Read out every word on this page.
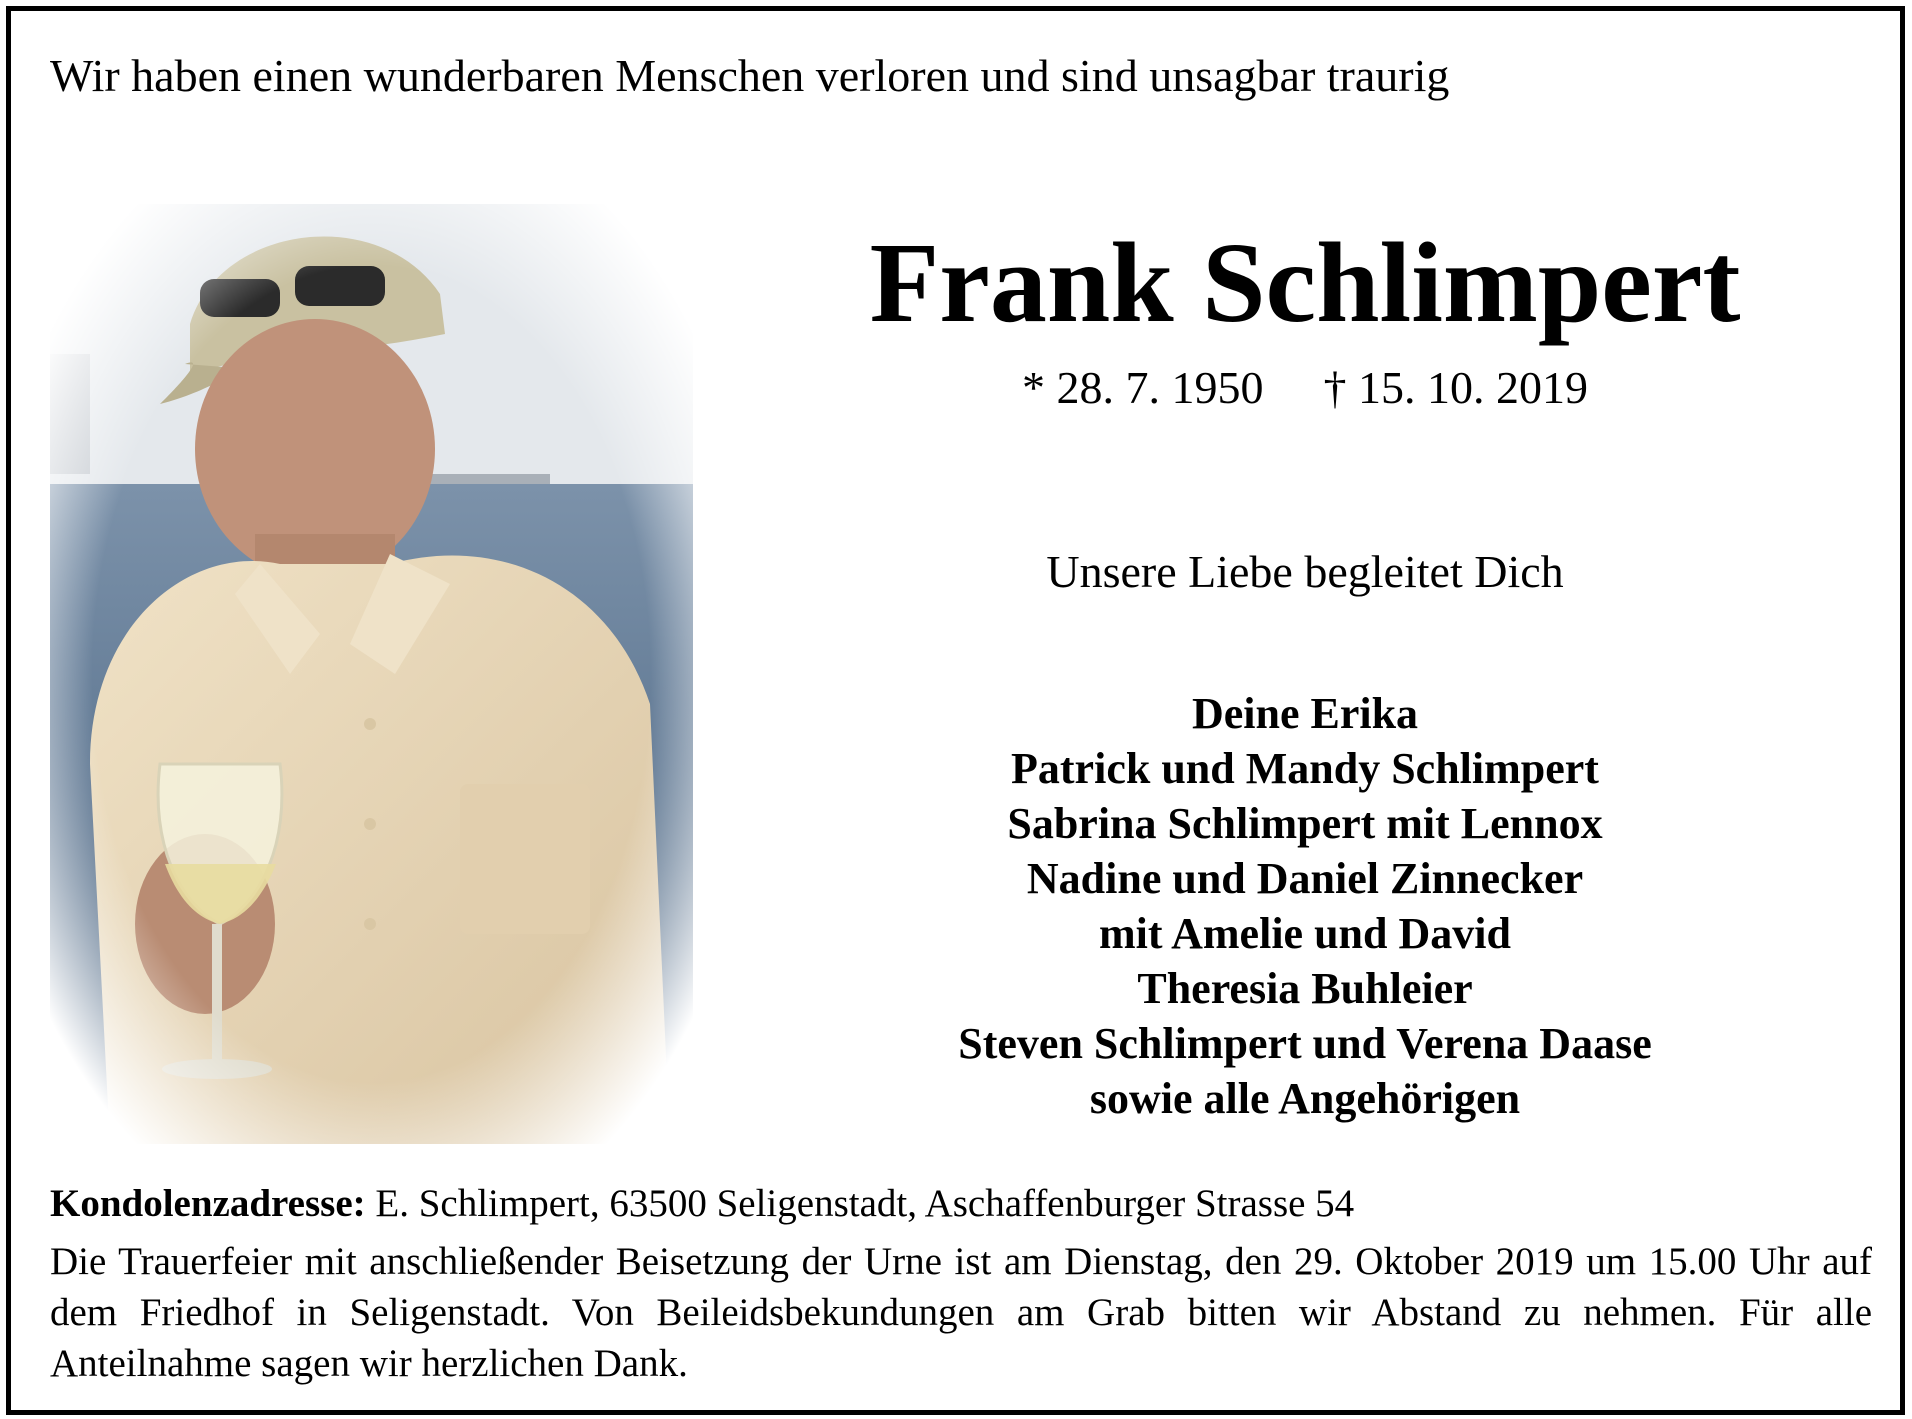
Wir haben einen wunderbaren Menschen verloren und sind unsagbar traurig
Frank Schlimpert
* 28. 7. 1950 † 15. 10. 2019
Unsere Liebe begleitet Dich
Deine Erika
Patrick und Mandy Schlimpert
Sabrina Schlimpert mit Lennox
Nadine und Daniel Zinnecker
mit Amelie und David
Theresia Buhleier
Steven Schlimpert und Verena Daase
sowie alle Angehörigen
Kondolenzadresse: E. Schlimpert, 63500 Seligenstadt, Aschaffenburger Strasse 54

Die Trauerfeier mit anschließender Beisetzung der Urne ist am Dienstag, den 29. Oktober 2019 um 15.00 Uhr auf dem Friedhof in Seligenstadt. Von Beileidsbekundungen am Grab bitten wir Abstand zu nehmen. Für alle Anteilnahme sagen wir herzlichen Dank.
